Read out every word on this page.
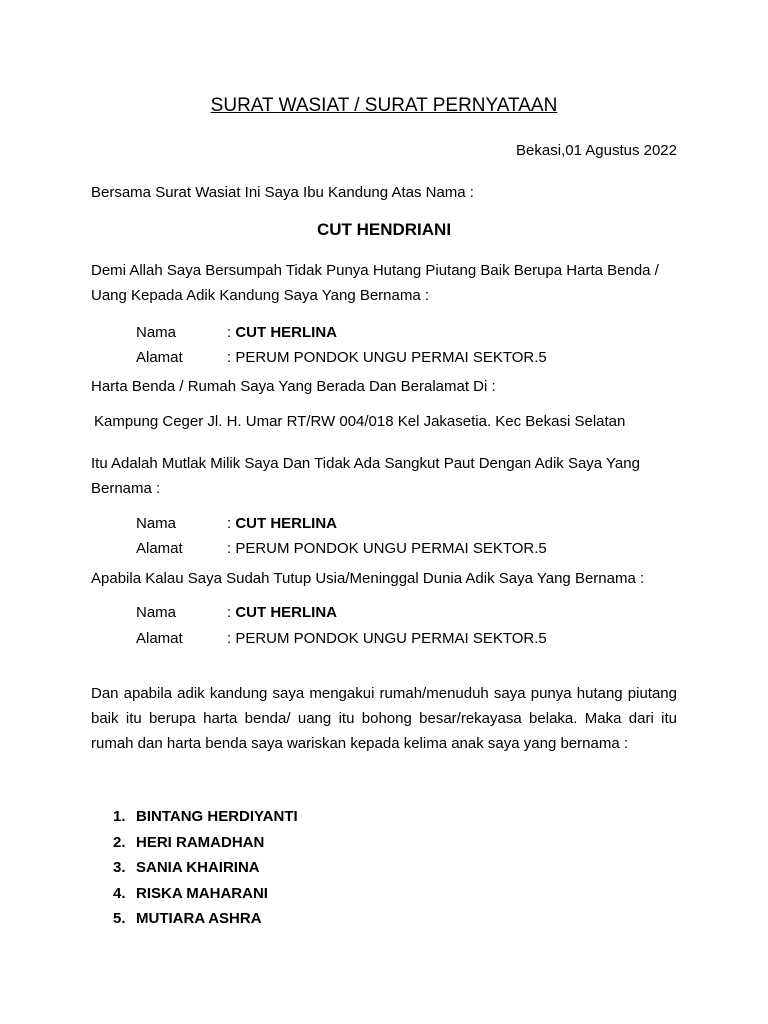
SURAT WASIAT / SURAT PERNYATAAN
Bekasi,01 Agustus 2022
Bersama Surat Wasiat Ini Saya Ibu Kandung Atas Nama :
CUT HENDRIANI
Demi Allah Saya Bersumpah Tidak Punya Hutang Piutang Baik Berupa Harta Benda / Uang Kepada Adik Kandung Saya Yang Bernama :
Nama	: CUT HERLINA
Alamat	: PERUM PONDOK UNGU PERMAI SEKTOR.5
Harta Benda / Rumah Saya Yang Berada Dan Beralamat Di :
Kampung Ceger Jl. H. Umar RT/RW 004/018 Kel Jakasetia. Kec Bekasi Selatan
Itu Adalah Mutlak Milik Saya Dan Tidak Ada Sangkut Paut Dengan Adik Saya Yang Bernama :
Nama	: CUT HERLINA
Alamat	: PERUM PONDOK UNGU PERMAI SEKTOR.5
Apabila Kalau Saya Sudah Tutup Usia/Meninggal Dunia Adik Saya Yang Bernama :
Nama	: CUT HERLINA
Alamat	: PERUM PONDOK UNGU PERMAI SEKTOR.5
Dan apabila adik kandung saya mengakui rumah/menuduh saya punya hutang piutang baik itu berupa harta benda/ uang itu bohong besar/rekayasa belaka. Maka dari itu rumah dan harta benda saya wariskan kepada kelima anak saya yang bernama :
1. BINTANG HERDIYANTI
2. HERI RAMADHAN
3. SANIA KHAIRINA
4. RISKA MAHARANI
5. MUTIARA ASHRA
